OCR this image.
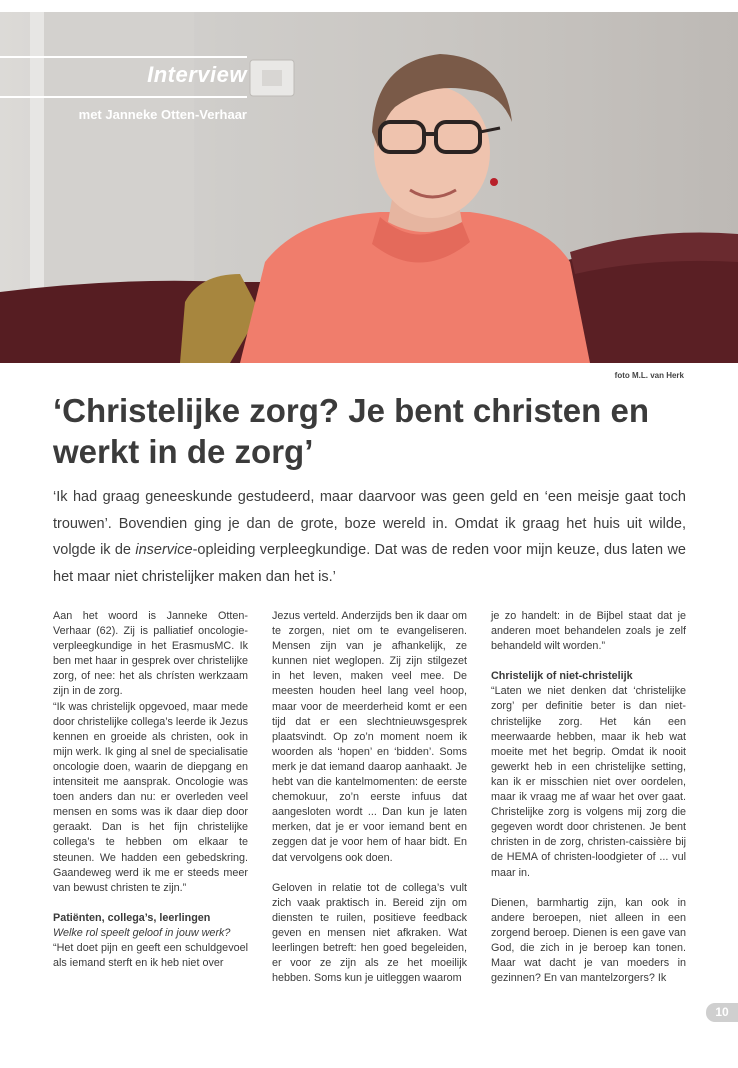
Interview
met Janneke Otten-Verhaar
foto M.L. van Herk
‘Christelijke zorg? Je bent christen en werkt in de zorg’

‘Ik had graag geneeskunde gestudeerd, maar daarvoor was geen geld en ‘een meisje gaat toch trouwen’. Bovendien ging je dan de grote, boze wereld in. Omdat ik graag het huis uit wilde, volgde ik de inservice-opleiding verpleegkundige. Dat was de reden voor mijn keuze, dus laten we het maar niet christelijker maken dan het is.’

Aan het woord is Janneke Otten-Verhaar (62). Zij is palliatief oncologie-verpleegkundige in het ErasmusMC. Ik ben met haar in gesprek over christelijke zorg, of nee: het als chrísten werkzaam zijn in de zorg.

“Ik was christelijk opgevoed, maar mede door christelijke collega’s leerde ik Jezus kennen en groeide als christen, ook in mijn werk. Ik ging al snel de specialisatie oncologie doen, waarin de diepgang en intensiteit me aansprak. Oncologie was toen anders dan nu: er overleden veel mensen en soms was ik daar diep door geraakt. Dan is het fijn christelijke collega’s te hebben om elkaar te steunen. We hadden een gebedskring. Gaandeweg werd ik me er steeds meer van bewust christen te zijn.”

Patiënten, collega’s, leerlingen

Welke rol speelt geloof in jouw werk?

“Het doet pijn en geeft een schuldgevoel als iemand sterft en ik heb niet over

Jezus verteld. Anderzijds ben ik daar om te zorgen, niet om te evangeliseren. Mensen zijn van je afhankelijk, ze kunnen niet weglopen. Zij zijn stilgezet in het leven, maken veel mee. De meesten houden heel lang veel hoop, maar voor de meerderheid komt er een tijd dat er een slechtnieuwsgesprek plaatsvindt. Op zo’n moment noem ik woorden als ‘hopen’ en ‘bidden’. Soms merk je dat iemand daarop aanhaakt. Je hebt van die kantelmomenten: de eerste chemokuur, zo’n eerste infuus dat aangesloten wordt ... Dan kun je laten merken, dat je er voor iemand bent en zeggen dat je voor hem of haar bidt. En dat vervolgens ook doen.

Geloven in relatie tot de collega’s vult zich vaak praktisch in. Bereid zijn om diensten te ruilen, positieve feedback geven en mensen niet afkraken. Wat leerlingen betreft: hen goed begeleiden, er voor ze zijn als ze het moeilijk hebben. Soms kun je uitleggen waarom

je zo handelt: in de Bijbel staat dat je anderen moet behandelen zoals je zelf behandeld wilt worden.”

Christelijk of niet-christelijk

“Laten we niet denken dat ‘christelijke zorg’ per definitie beter is dan niet-christelijke zorg. Het kán een meerwaarde hebben, maar ik heb wat moeite met het begrip. Omdat ik nooit gewerkt heb in een christelijke setting, kan ik er misschien niet over oordelen, maar ik vraag me af waar het over gaat. Christelijke zorg is volgens mij zorg die gegeven wordt door christenen. Je bent christen in de zorg, christen-caissière bij de HEMA of christen-loodgieter of ... vul maar in.

Dienen, barmhartig zijn, kan ook in andere beroepen, niet alleen in een zorgend beroep. Dienen is een gave van God, die zich in je beroep kan tonen. Maar wat dacht je van moeders in gezinnen? En van mantelzorgers? Ik

10
